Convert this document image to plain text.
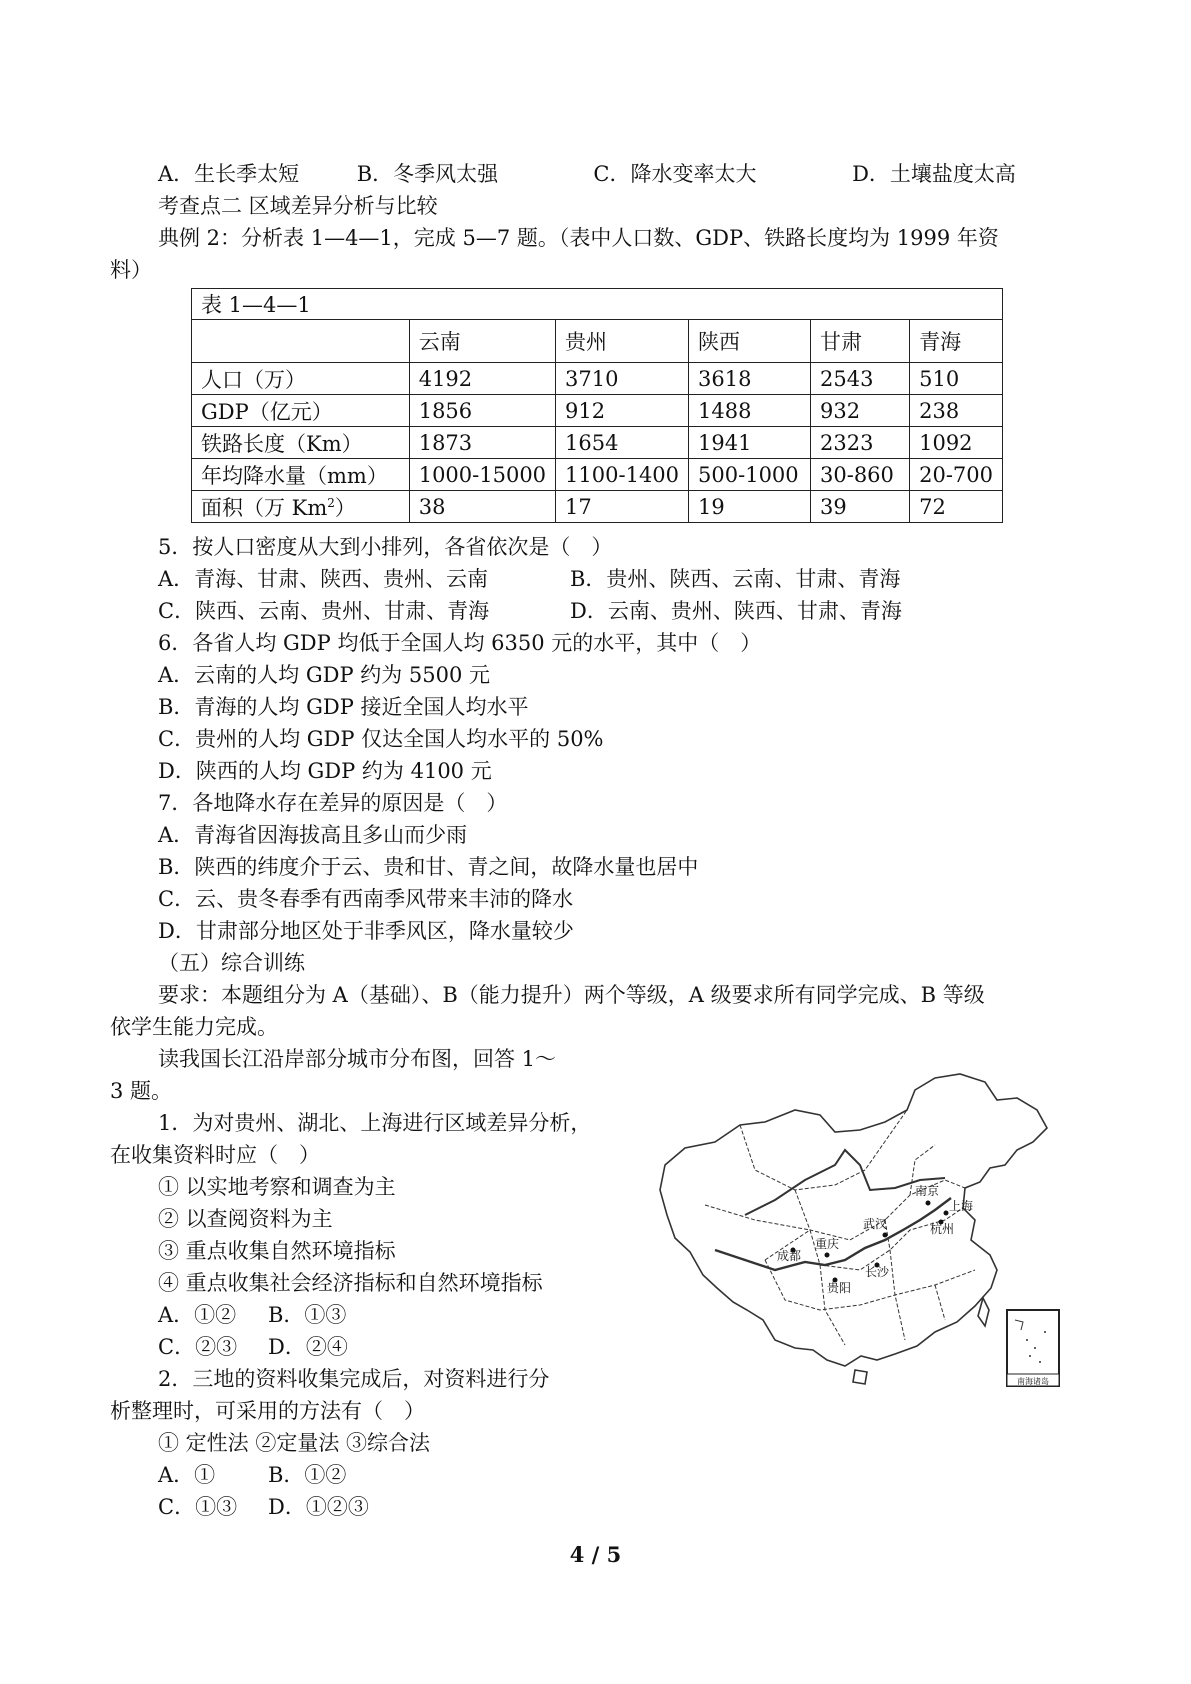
A．生长季太短	B．冬季风太强	C．降水变率太大	D．土壤盐度太高
考查点二 区域差异分析与比较
典例 2：分析表 1—4—1，完成 5—7 题。（表中人口数、GDP、铁路长度均为 1999 年资
料）
表 1—4—1					
	云南	贵州	陕西	甘肃	青海
人口（万）	4192	3710	3618	2543	510
GDP（亿元）	1856	912	1488	932	238
铁路长度（Km）	1873	1654	1941	2323	1092
年均降水量（mm）	1000-15000	1100-1400	500-1000	30-860	20-700
面积（万 Km$^2$）	38	17	19	39	72
5．按人口密度从大到小排列，各省依次是（　）
A．青海、甘肃、陕西、贵州、云南	B．贵州、陕西、云南、甘肃、青海
C．陕西、云南、贵州、甘肃、青海	D．云南、贵州、陕西、甘肃、青海
6．各省人均 GDP 均低于全国人均 6350 元的水平，其中（　）
A．云南的人均 GDP 约为 5500 元
B．青海的人均 GDP 接近全国人均水平
C．贵州的人均 GDP 仅达全国人均水平的 50%
D．陕西的人均 GDP 约为 4100 元
7．各地降水存在差异的原因是（　）
A．青海省因海拔高且多山而少雨
B．陕西的纬度介于云、贵和甘、青之间，故降水量也居中
C．云、贵冬春季有西南季风带来丰沛的降水
D．甘肃部分地区处于非季风区，降水量较少
（五）综合训练
要求：本题组分为 A（基础）、B（能力提升）两个等级，A 级要求所有同学完成、B 等级
依学生能力完成。
读我国长江沿岸部分城市分布图，回答 1～
3 题。
1．为对贵州、湖北、上海进行区域差异分析，
在收集资料时应（　）
① 以实地考察和调查为主
② 以查阅资料为主
③ 重点收集自然环境指标
④ 重点收集社会经济指标和自然环境指标
A．①② B．①③
C．②③ D．②④
2．三地的资料收集完成后，对资料进行分
析整理时，可采用的方法有（　）
① 定性法 ②定量法 ③综合法
A．①	B．①②
C．①③ D．①②③
南京
上海
杭州
武汉
重庆
成都
长沙
贵阳
南海诸岛
4 / 5
